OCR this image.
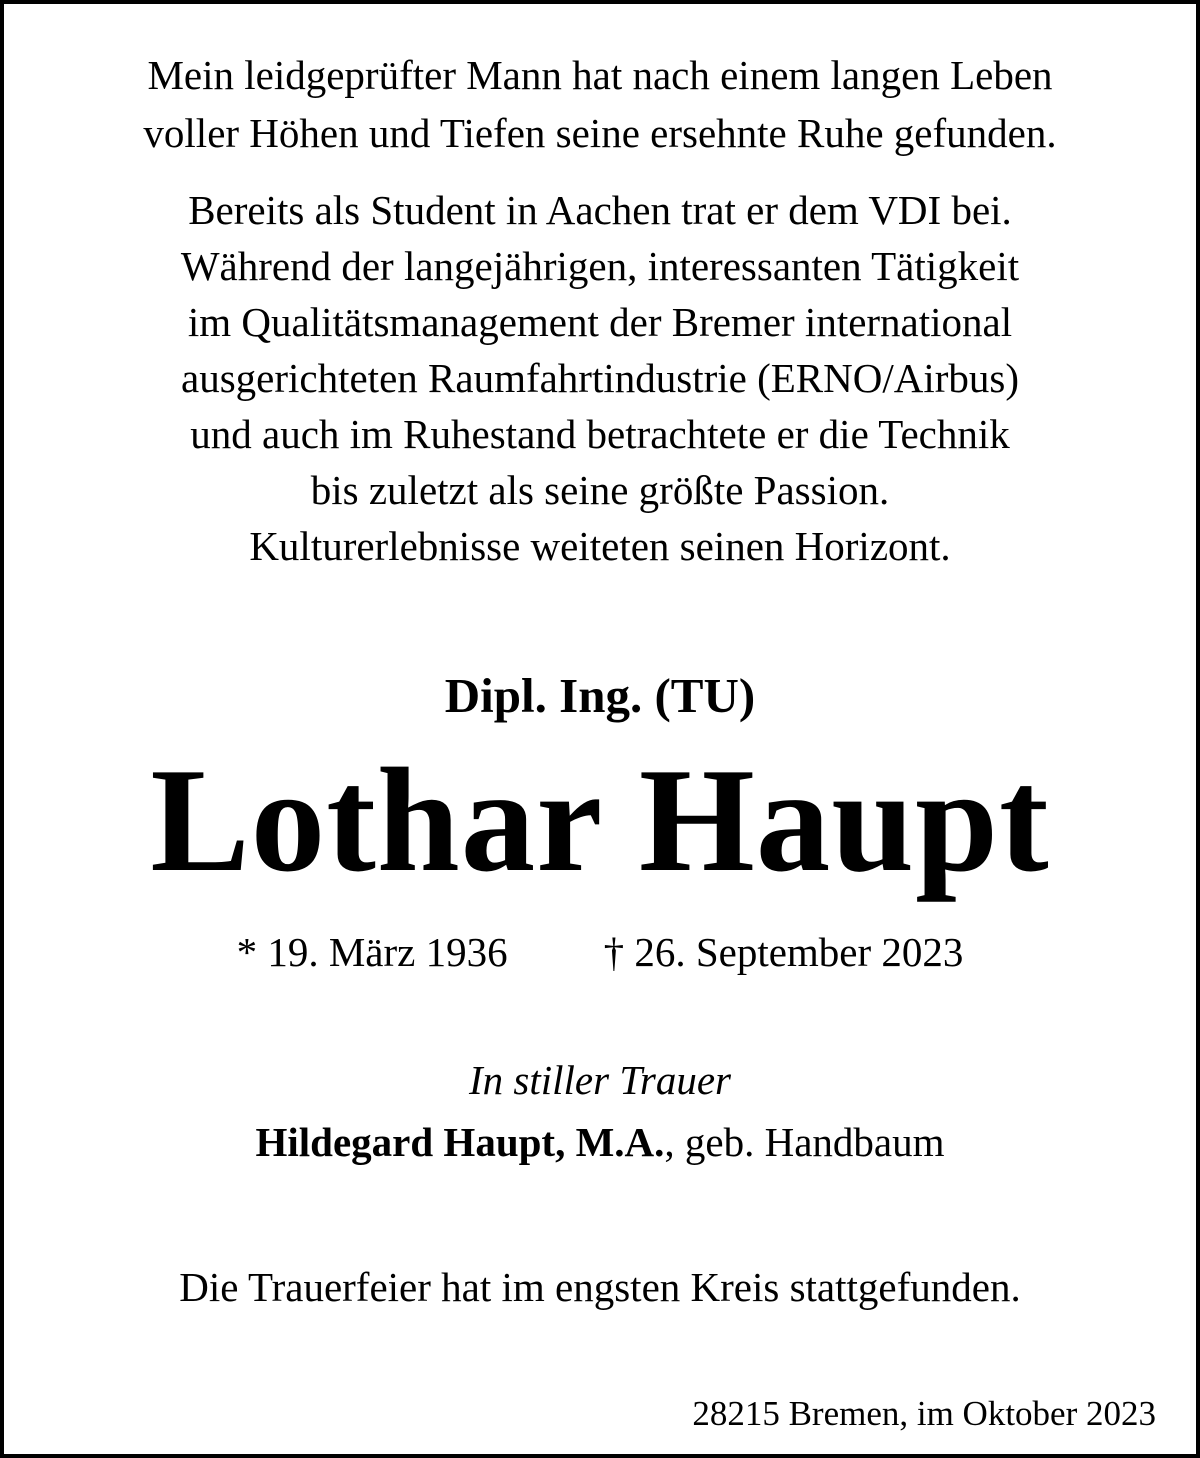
Mein leidgeprüfter Mann hat nach einem langen Leben
voller Höhen und Tiefen seine ersehnte Ruhe gefunden.
Bereits als Student in Aachen trat er dem VDI bei.
Während der langejährigen, interessanten Tätigkeit
im Qualitätsmanagement der Bremer international
ausgerichteten Raumfahrtindustrie (ERNO/Airbus)
und auch im Ruhestand betrachtete er die Technik
bis zuletzt als seine größte Passion.
Kulturerlebnisse weiteten seinen Horizont.
Dipl. Ing. (TU)
Lothar Haupt
* 19. März 1936 † 26. September 2023
In stiller Trauer
Hildegard Haupt, M.A., geb. Handbaum
Die Trauerfeier hat im engsten Kreis stattgefunden.
28215 Bremen, im Oktober 2023
